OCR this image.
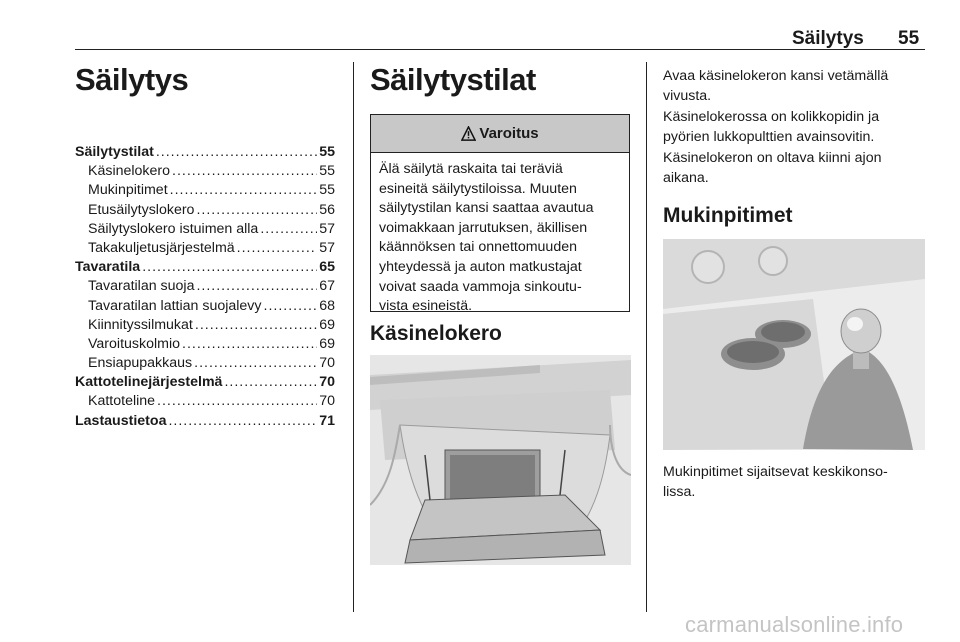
Säilytys 55
Säilytys
Säilytystilat .....	55
Käsinelokero .....	55
Mukinpitimet .....	55
Etusäilytyslokero .....	56
Säilytyslokero istuimen alla .....	57
Takakuljetusjärjestelmä .....	57
Tavaratila .....	65
Tavaratilan suoja .....	67
Tavaratilan lattian suojalevy .....	68
Kiinnityssilmukat .....	69
Varoituskolmio .....	69
Ensiapupakkaus .....	70
Kattotelinejärjestelmä .....	70
Kattoteline .....	70
Lastaustietoa .....	71
Säilytystilat
Varoitus
Älä säilytä raskaita tai teräviä
esineitä säilytystiloissa. Muuten
säilytystilan kansi saattaa avautua
voimakkaan jarrutuksen, äkillisen
käännöksen tai onnettomuuden
yhteydessä ja auton matkustajat
voivat saada vammoja sinkoutu-
vista esineistä.
Käsinelokero
Avaa käsinelokeron kansi vetämällä
vivusta.
Käsinelokerossa on kolikkopidin ja
pyörien lukkopulttien avainsovitin.
Käsinelokeron on oltava kiinni ajon
aikana.
Mukinpitimet
Mukinpitimet sijaitsevat keskikonso-
lissa.
carmanualsonline.info
